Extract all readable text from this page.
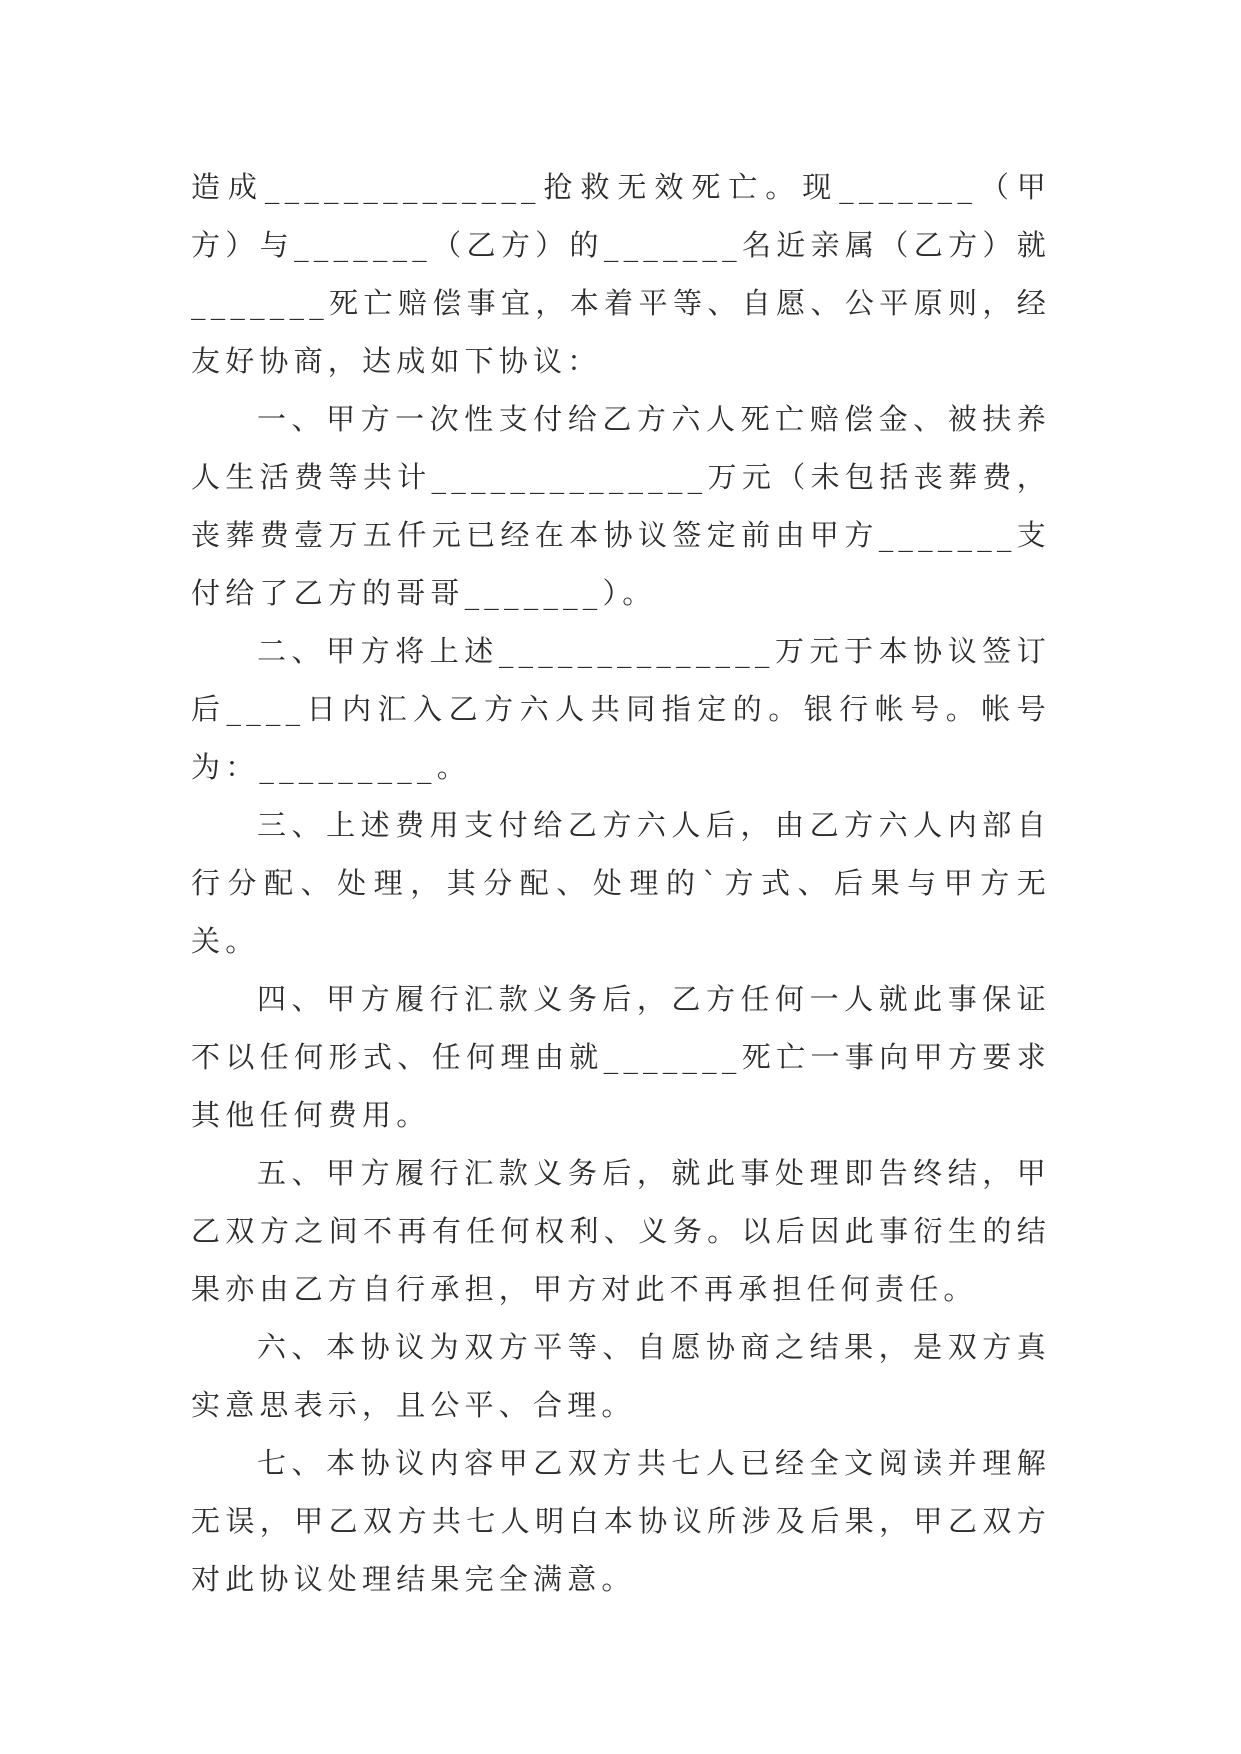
造成______________抢救无效死亡。现_______（甲方）与_______（乙方）的_______名近亲属（乙方）就_______死亡赔偿事宜，本着平等、自愿、公平原则，经友好协商，达成如下协议：

一、甲方一次性支付给乙方六人死亡赔偿金、被扶养人生活费等共计______________万元（未包括丧葬费，丧葬费壹万五仟元已经在本协议签定前由甲方_______支付给了乙方的哥哥_______）。

二、甲方将上述______________万元于本协议签订后____日内汇入乙方六人共同指定的。银行帐号。帐号为：_________。

三、上述费用支付给乙方六人后，由乙方六人内部自行分配、处理，其分配、处理的`方式、后果与甲方无关。

四、甲方履行汇款义务后，乙方任何一人就此事保证不以任何形式、任何理由就_______死亡一事向甲方要求其他任何费用。

五、甲方履行汇款义务后，就此事处理即告终结，甲乙双方之间不再有任何权利、义务。以后因此事衍生的结果亦由乙方自行承担，甲方对此不再承担任何责任。

六、本协议为双方平等、自愿协商之结果，是双方真实意思表示，且公平、合理。

七、本协议内容甲乙双方共七人已经全文阅读并理解无误，甲乙双方共七人明白本协议所涉及后果，甲乙双方对此协议处理结果完全满意。
